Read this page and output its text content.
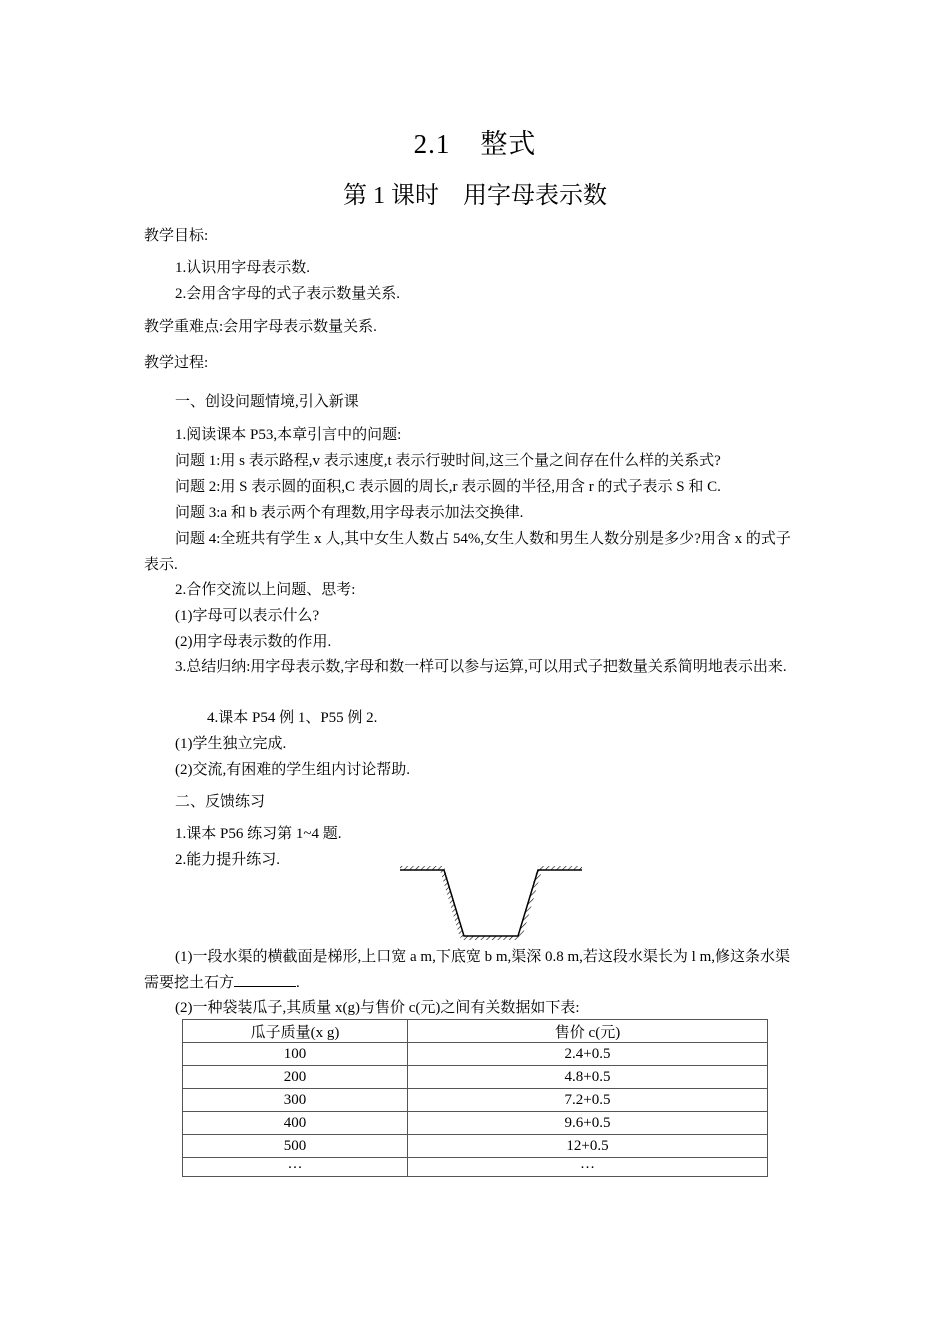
2.1 整式
第 1 课时 用字母表示数
教学目标:
1.认识用字母表示数.
2.会用含字母的式子表示数量关系.
教学重难点:会用字母表示数量关系.
教学过程:
一、创设问题情境,引入新课
1.阅读课本 P53,本章引言中的问题:
问题 1:用 s 表示路程,v 表示速度,t 表示行驶时间,这三个量之间存在什么样的关系式?
问题 2:用 S 表示圆的面积,C 表示圆的周长,r 表示圆的半径,用含 r 的式子表示 S 和 C.
问题 3:a 和 b 表示两个有理数,用字母表示加法交换律.
问题 4:全班共有学生 x 人,其中女生人数占 54%,女生人数和男生人数分别是多少?用含 x 的式子表示.
2.合作交流以上问题、思考:
(1)字母可以表示什么?
(2)用字母表示数的作用.
3.总结归纳:用字母表示数,字母和数一样可以参与运算,可以用式子把数量关系简明地表示出来.
4.课本 P54 例 1、P55 例 2.
(1)学生独立完成.
(2)交流,有困难的学生组内讨论帮助.
二、反馈练习
1.课本 P56 练习第 1~4 题.
2.能力提升练习.
(1)一段水渠的横截面是梯形,上口宽 a m,下底宽 b m,渠深 0.8 m,若这段水渠长为 l m,修这条水渠需要挖土石方	.
(2)一种袋装瓜子,其质量 x(g)与售价 c(元)之间有关数据如下表:
瓜子质量(x g)	售价 c(元)
100	2.4+0.5
200	4.8+0.5
300	7.2+0.5
400	9.6+0.5
500	12+0.5
…	…
